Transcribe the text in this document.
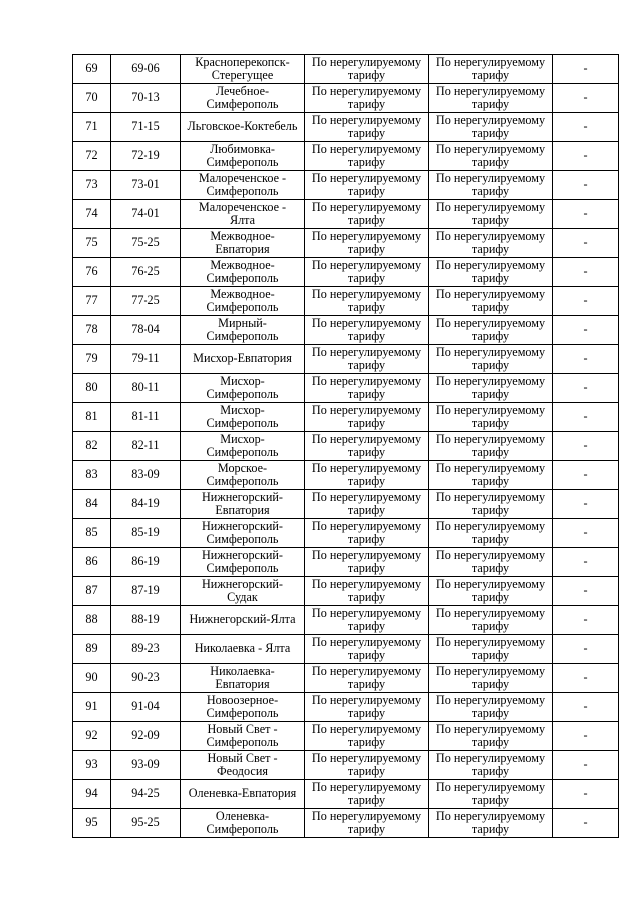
69	69-06	Красноперекопск-
Стерегущее	По нерегулируемому
тарифу	По нерегулируемому
тарифу	-
70	70-13	Лечебное-
Симферополь	По нерегулируемому
тарифу	По нерегулируемому
тарифу	-
71	71-15	Льговское-Коктебель	По нерегулируемому
тарифу	По нерегулируемому
тарифу	-
72	72-19	Любимовка-
Симферополь	По нерегулируемому
тарифу	По нерегулируемому
тарифу	-
73	73-01	Малореченское -
Симферополь	По нерегулируемому
тарифу	По нерегулируемому
тарифу	-
74	74-01	Малореченское -
Ялта	По нерегулируемому
тарифу	По нерегулируемому
тарифу	-
75	75-25	Межводное-
Евпатория	По нерегулируемому
тарифу	По нерегулируемому
тарифу	-
76	76-25	Межводное-
Симферополь	По нерегулируемому
тарифу	По нерегулируемому
тарифу	-
77	77-25	Межводное-
Симферополь	По нерегулируемому
тарифу	По нерегулируемому
тарифу	-
78	78-04	Мирный-
Симферополь	По нерегулируемому
тарифу	По нерегулируемому
тарифу	-
79	79-11	Мисхор-Евпатория	По нерегулируемому
тарифу	По нерегулируемому
тарифу	-
80	80-11	Мисхор-
Симферополь	По нерегулируемому
тарифу	По нерегулируемому
тарифу	-
81	81-11	Мисхор-
Симферополь	По нерегулируемому
тарифу	По нерегулируемому
тарифу	-
82	82-11	Мисхор-
Симферополь	По нерегулируемому
тарифу	По нерегулируемому
тарифу	-
83	83-09	Морское-
Симферополь	По нерегулируемому
тарифу	По нерегулируемому
тарифу	-
84	84-19	Нижнегорский-
Евпатория	По нерегулируемому
тарифу	По нерегулируемому
тарифу	-
85	85-19	Нижнегорский-
Симферополь	По нерегулируемому
тарифу	По нерегулируемому
тарифу	-
86	86-19	Нижнегорский-
Симферополь	По нерегулируемому
тарифу	По нерегулируемому
тарифу	-
87	87-19	Нижнегорский-
Судак	По нерегулируемому
тарифу	По нерегулируемому
тарифу	-
88	88-19	Нижнегорский-Ялта	По нерегулируемому
тарифу	По нерегулируемому
тарифу	-
89	89-23	Николаевка - Ялта	По нерегулируемому
тарифу	По нерегулируемому
тарифу	-
90	90-23	Николаевка-
Евпатория	По нерегулируемому
тарифу	По нерегулируемому
тарифу	-
91	91-04	Новоозерное-
Симферополь	По нерегулируемому
тарифу	По нерегулируемому
тарифу	-
92	92-09	Новый Свет -
Симферополь	По нерегулируемому
тарифу	По нерегулируемому
тарифу	-
93	93-09	Новый Свет -
Феодосия	По нерегулируемому
тарифу	По нерегулируемому
тарифу	-
94	94-25	Оленевка-Евпатория	По нерегулируемому
тарифу	По нерегулируемому
тарифу	-
95	95-25	Оленевка-
Симферополь	По нерегулируемому
тарифу	По нерегулируемому
тарифу	-
